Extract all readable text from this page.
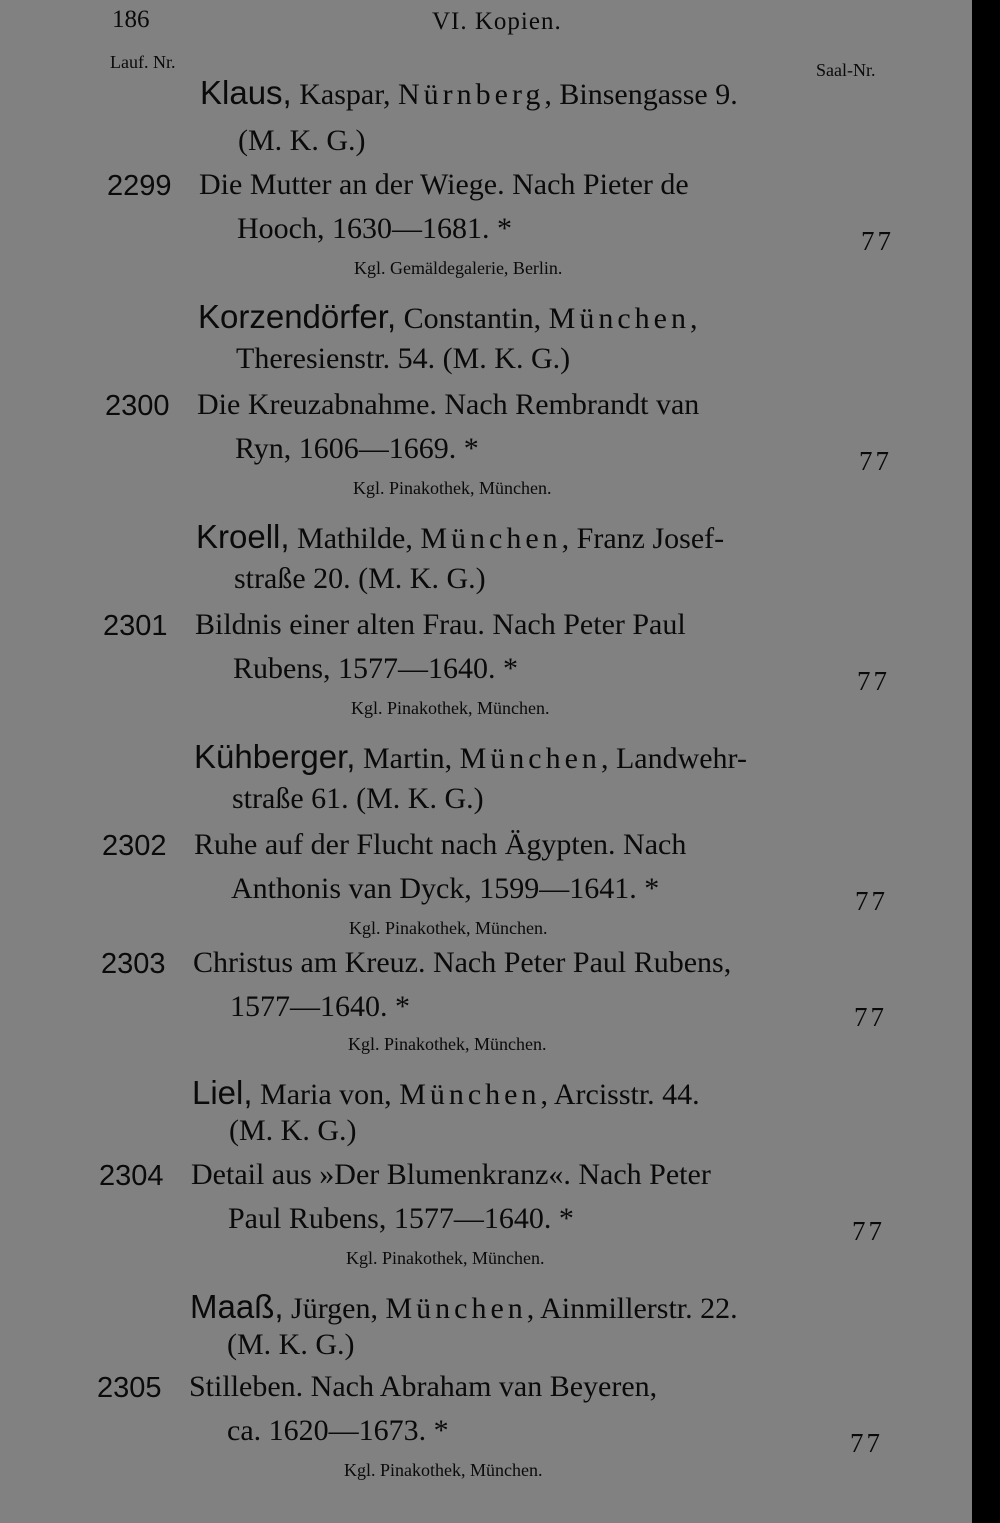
186	VI. Kopien.
Lauf. Nr.	Saal-Nr.
Klaus, Kaspar, Nürnberg, Binsengasse 9.
(M. K. G.)
2299 Die Mutter an der Wiege. Nach Pieter de
Hooch, 1630—1681. *
Kgl. Gemäldegalerie, Berlin.
77
Korzendörfer, Constantin, München,
Theresienstr. 54. (M. K. G.)
2300 Die Kreuzabnahme. Nach Rembrandt van
Ryn, 1606—1669. *
Kgl. Pinakothek, München.
77
Kroell, Mathilde, München, Franz Josef-
straße 20. (M. K. G.)
2301 Bildnis einer alten Frau. Nach Peter Paul
Rubens, 1577—1640. *
Kgl. Pinakothek, München.
77
Kühberger, Martin, München, Landwehr-
straße 61. (M. K. G.)
2302 Ruhe auf der Flucht nach Ägypten. Nach
Anthonis van Dyck, 1599—1641. *
Kgl. Pinakothek, München.
77
2303 Christus am Kreuz. Nach Peter Paul Rubens,
1577—1640. *
Kgl. Pinakothek, München.
77
Liel, Maria von, München, Arcisstr. 44.
(M. K. G.)
2304 Detail aus »Der Blumenkranz«. Nach Peter
Paul Rubens, 1577—1640. *
Kgl. Pinakothek, München.
77
Maaß, Jürgen, München, Ainmillerstr. 22.
(M. K. G.)
2305 Stilleben. Nach Abraham van Beyeren,
ca. 1620—1673. *
Kgl. Pinakothek, München.
77
